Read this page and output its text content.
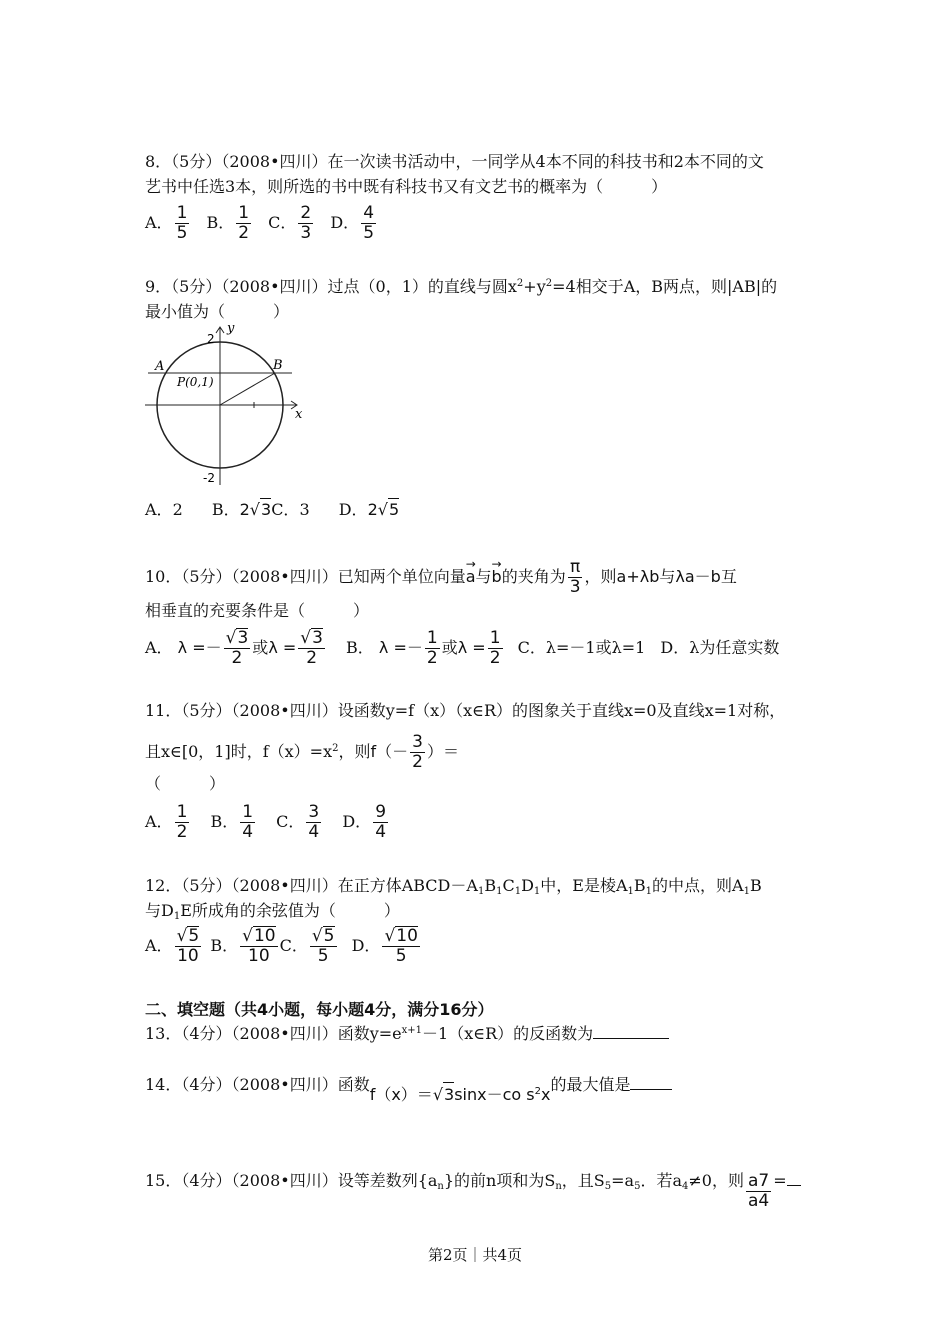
8．（5分）（2008•四川）在一次读书活动中，一同学从4本不同的科技书和2本不同的文
艺书中任选3本，则所选的书中既有科技书又有文艺书的概率为（　　　）
A． $\frac{1}{5}$ B． $\frac{1}{2}$ C． $\frac{2}{3}$ D． $\frac{4}{5}$
9．（5分）（2008•四川）过点（0，1）的直线与圆$x^2+y^2=4$相交于A，B两点，则|AB|的
最小值为（　　　）
y
x
2
-2
A	B
P(0,1)
A．2 B．2√3C．3 D．2√5
10．（5分）（2008•四川）已知两个单位向量→ a与→ b的夹角为 $\frac{\pi}{3}$ ，则a+λb与λa－b互
相垂直的充要条件是（　　　）
A． $\lambda =- \frac{√3}{2}$ 或$\lambda = \frac{√3}{2}$ B． $\lambda =- \frac{1}{2}$ 或$\lambda = \frac{1}{2}$ C．λ=－1或λ=1 D．λ为任意实数
11．（5分）（2008•四川）设函数y=f（x）（x∈R）的图象关于直线x=0及直线x=1对称，
且x∈[0，1]时，$f(x)=x^2$，则$f(- \frac{3}{2}$ ）＝
（　　　）
A． $\frac{1}{2}$ B． $\frac{1}{4}$ C． $\frac{3}{4}$ D． $\frac{9}{4}$
12．（5分）（2008•四川）在正方体$ABCD-A_1B_1C_1D_1$中，E是棱$A_1B_1$的中点，则$A_1B$
与$D_1E$所成角的余弦值为（　　　）
A． $\frac{√5}{10}$ B． $\frac{√10}{10}$ C． $\frac{√5}{5}$ D． $\frac{√10}{5}$
二、填空题（共4小题，每小题4分，满分16分）
13．（4分）（2008•四川）函数$y=e^{x+1}-1(x\in R)$的反函数为
14．（4分）（2008•四川）函数f（x）＝√3sinx－co $s^2x$的最大值是
15．（4分）（2008•四川）设等差数列$\{a_n\}$的前n项和为$S_n$，且$S_5=a_5$．若$a_4\ne 0$，则 $\frac{a7}{a4}$ =
第2页｜共4页
